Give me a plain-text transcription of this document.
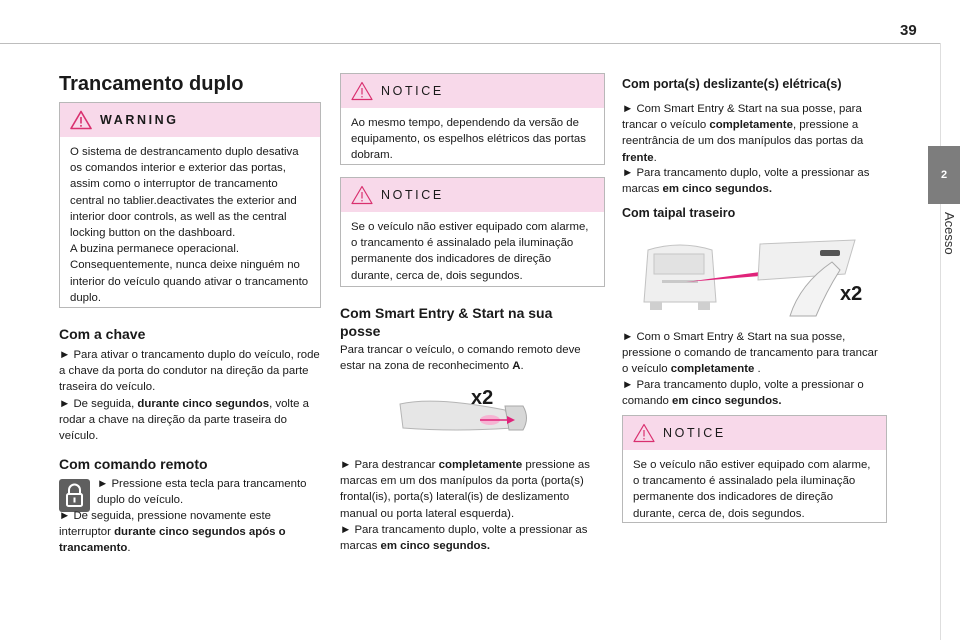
39
2
Acesso
Trancamento duplo
WARNING
O sistema de destrancamento duplo desativa os comandos interior e exterior das portas, assim como o interruptor de trancamento central no tablier.deactivates the exterior and interior door controls, as well as the central locking button on the dashboard.
A buzina permanece operacional. Consequentemente, nunca deixe ninguém no interior do veículo quando ativar o trancamento duplo.
Com a chave

► Para ativar o trancamento duplo do veículo, rode a chave da porta do condutor na direção da parte traseira do veículo.

► De seguida, durante cinco segundos, volte a rodar a chave na direção da parte traseira do veículo.

Com comando remoto

► Pressione esta tecla para trancamento duplo do veículo.

► De seguida, pressione novamente este interruptor durante cinco segundos após o trancamento.

NOTICE
Ao mesmo tempo, dependendo da versão de equipamento, os espelhos elétricos das portas dobram.
NOTICE
Se o veículo não estiver equipado com alarme, o trancamento é assinalado pela iluminação permanente dos indicadores de direção durante, cerca de, dois segundos.
Com Smart Entry & Start na sua
posse

Para trancar o veículo, o comando remoto deve estar na zona de reconhecimento A.

x2

► Para destrancar completamente pressione as marcas em um dos manípulos da porta (porta(s) frontal(is), porta(s) lateral(is) de deslizamento manual ou porta lateral esquerda).

► Para trancamento duplo, volte a pressionar as marcas em cinco segundos.

Com porta(s) deslizante(s) elétrica(s)

► Com Smart Entry & Start na sua posse, para trancar o veículo completamente, pressione a reentrância de um dos manípulos das portas da frente.

► Para trancamento duplo, volte a pressionar as marcas em cinco segundos.

Com taipal traseiro
x2

► Com o Smart Entry & Start na sua posse, pressione o comando de trancamento para trancar o veículo completamente .

► Para trancamento duplo, volte a pressionar o comando em cinco segundos.

NOTICE
Se o veículo não estiver equipado com alarme, o trancamento é assinalado pela iluminação permanente dos indicadores de direção durante, cerca de, dois segundos.
